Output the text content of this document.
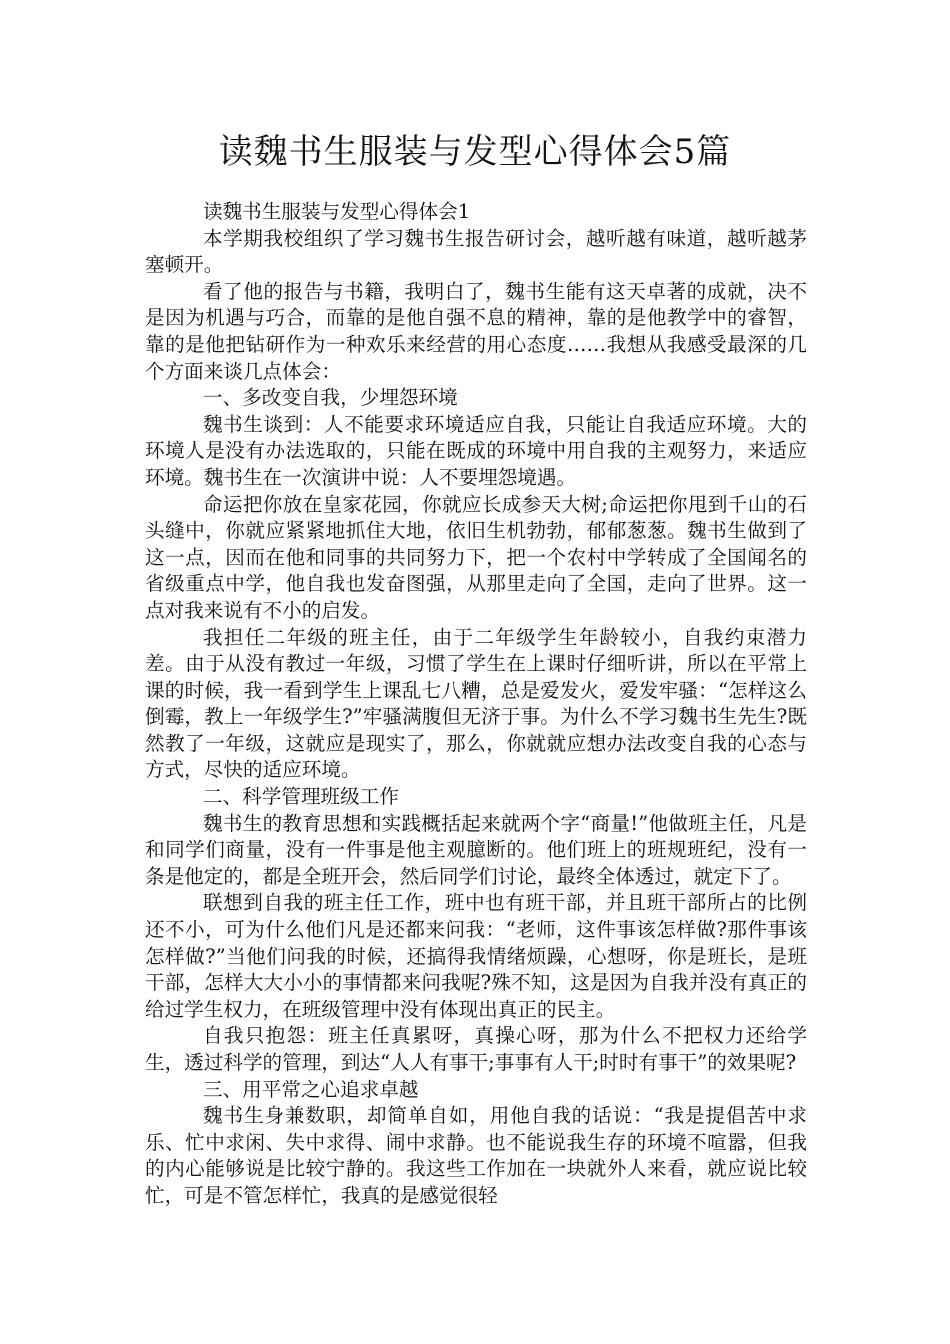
读魏书生服装与发型心得体会5篇

读魏书生服装与发型心得体会1

本学期我校组织了学习魏书生报告研讨会，越听越有味道，越听越茅塞顿开。

看了他的报告与书籍，我明白了，魏书生能有这天卓著的成就，决不是因为机遇与巧合，而靠的是他自强不息的精神，靠的是他教学中的睿智，靠的是他把钻研作为一种欢乐来经营的用心态度……我想从我感受最深的几个方面来谈几点体会：

一、多改变自我，少埋怨环境

魏书生谈到：人不能要求环境适应自我，只能让自我适应环境。大的环境人是没有办法选取的，只能在既成的环境中用自我的主观努力，来适应环境。魏书生在一次演讲中说：人不要埋怨境遇。

命运把你放在皇家花园，你就应长成参天大树;命运把你甩到千山的石头缝中，你就应紧紧地抓住大地，依旧生机勃勃，郁郁葱葱。魏书生做到了这一点，因而在他和同事的共同努力下，把一个农村中学转成了全国闻名的省级重点中学，他自我也发奋图强，从那里走向了全国，走向了世界。这一点对我来说有不小的启发。

我担任二年级的班主任，由于二年级学生年龄较小，自我约束潜力差。由于从没有教过一年级，习惯了学生在上课时仔细听讲，所以在平常上课的时候，我一看到学生上课乱七八糟，总是爱发火，爱发牢骚：“怎样这么倒霉，教上一年级学生?”牢骚满腹但无济于事。为什么不学习魏书生先生?既然教了一年级，这就应是现实了，那么，你就就应想办法改变自我的心态与方式，尽快的适应环境。

二、科学管理班级工作

魏书生的教育思想和实践概括起来就两个字“商量!”他做班主任，凡是和同学们商量，没有一件事是他主观臆断的。他们班上的班规班纪，没有一条是他定的，都是全班开会，然后同学们讨论，最终全体透过，就定下了。

联想到自我的班主任工作，班中也有班干部，并且班干部所占的比例还不小，可为什么他们凡是还都来问我：“老师，这件事该怎样做?那件事该怎样做?”当他们问我的时候，还搞得我情绪烦躁，心想呀，你是班长，是班干部，怎样大大小小的事情都来问我呢?殊不知，这是因为自我并没有真正的给过学生权力，在班级管理中没有体现出真正的民主。

自我只抱怨：班主任真累呀，真操心呀，那为什么不把权力还给学生，透过科学的管理，到达“人人有事干;事事有人干;时时有事干”的效果呢?

三、用平常之心追求卓越

魏书生身兼数职，却简单自如，用他自我的话说：“我是提倡苦中求乐、忙中求闲、失中求得、闹中求静。也不能说我生存的环境不喧嚣，但我的内心能够说是比较宁静的。我这些工作加在一块就外人来看，就应说比较忙，可是不管怎样忙，我真的是感觉很轻
